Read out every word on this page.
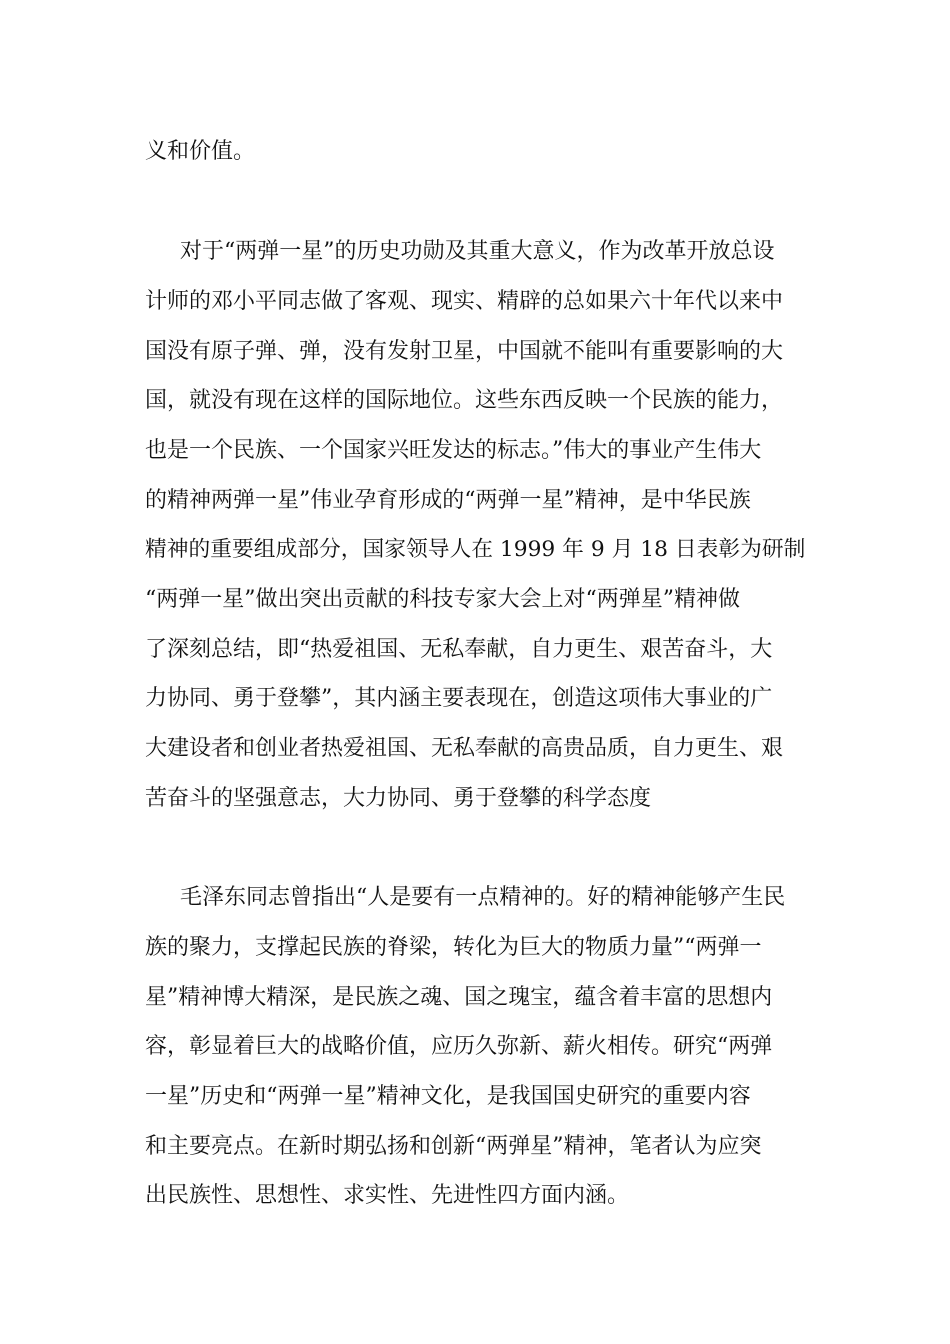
义和价值。
对于“两弹一星”的历史功勋及其重大意义，作为改革开放总设
计师的邓小平同志做了客观、现实、精辟的总如果六十年代以来中
国没有原子弹、弹，没有发射卫星，中国就不能叫有重要影响的大
国，就没有现在这样的国际地位。这些东西反映一个民族的能力，
也是一个民族、一个国家兴旺发达的标志。”伟大的事业产生伟大
的精神两弹一星”伟业孕育形成的“两弹一星”精神，是中华民族
精神的重要组成部分，国家领导人在 1999 年 9 月 18 日表彰为研制
“两弹一星”做出突出贡献的科技专家大会上对“两弹星”精神做
了深刻总结，即“热爱祖国、无私奉献，自力更生、艰苦奋斗，大
力协同、勇于登攀”，其内涵主要表现在，创造这项伟大事业的广
大建设者和创业者热爱祖国、无私奉献的高贵品质，自力更生、艰
苦奋斗的坚强意志，大力协同、勇于登攀的科学态度
毛泽东同志曾指出“人是要有一点精神的。好的精神能够产生民
族的聚力，支撑起民族的脊梁，转化为巨大的物质力量”“两弹一
星”精神博大精深，是民族之魂、国之瑰宝，蕴含着丰富的思想内
容，彰显着巨大的战略价值，应历久弥新、薪火相传。研究“两弹
一星”历史和“两弹一星”精神文化，是我国国史研究的重要内容
和主要亮点。在新时期弘扬和创新“两弹星”精神，笔者认为应突
出民族性、思想性、求实性、先进性四方面内涵。
